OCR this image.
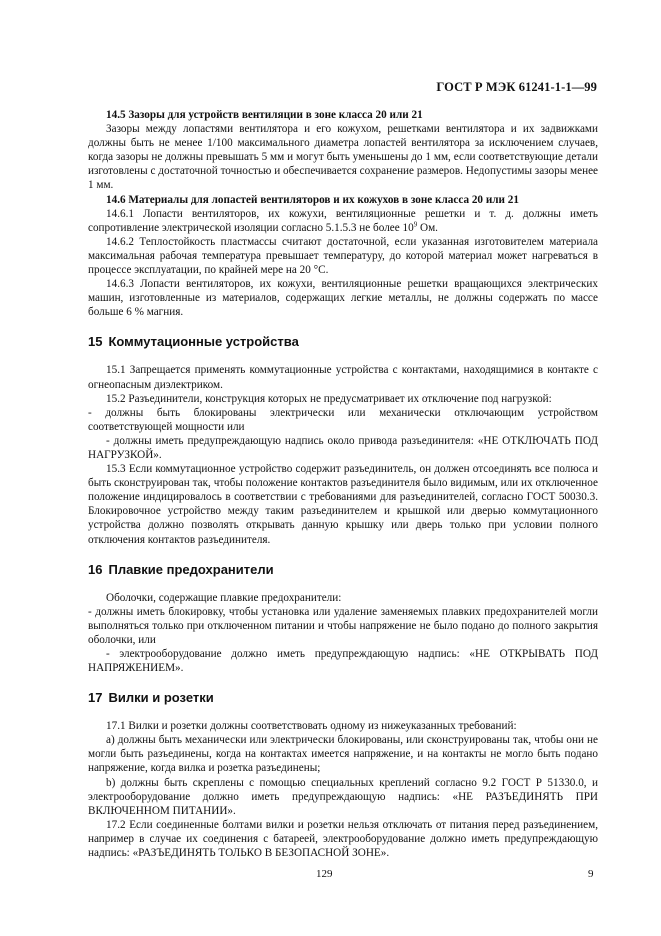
ГОСТ Р МЭК 61241-1-1—99

14.5 Зазоры для устройств вентиляции в зоне класса 20 или 21

Зазоры между лопастями вентилятора и его кожухом, решетками вентилятора и их задвижками должны быть не менее 1/100 максимального диаметра лопастей вентилятора за исключением случаев, когда зазоры не должны превышать 5 мм и могут быть уменьшены до 1 мм, если соответствующие детали изготовлены с достаточной точностью и обеспечивается сохранение размеров. Недопустимы зазоры менее 1 мм.

14.6 Материалы для лопастей вентиляторов и их кожухов в зоне класса 20 или 21

14.6.1 Лопасти вентиляторов, их кожухи, вентиляционные решетки и т. д. должны иметь сопротивление электрической изоляции согласно 5.1.5.3 не более $10^9$ Ом.

14.6.2 Теплостойкость пластмассы считают достаточной, если указанная изготовителем материала максимальная рабочая температура превышает температуру, до которой материал может нагреваться в процессе эксплуатации, по крайней мере на 20 °С.

14.6.3 Лопасти вентиляторов, их кожухи, вентиляционные решетки вращающихся электрических машин, изготовленные из материалов, содержащих легкие металлы, не должны содержать по массе больше 6 % магния.

15 Коммутационные устройства

15.1 Запрещается применять коммутационные устройства с контактами, находящимися в контакте с огнеопасным диэлектриком.

15.2 Разъединители, конструкция которых не предусматривает их отключение под нагрузкой:

- должны быть блокированы электрически или механически отключающим устройством соответствующей мощности или

- должны иметь предупреждающую надпись около привода разъединителя: «НЕ ОТКЛЮЧАТЬ ПОД НАГРУЗКОЙ».

15.3 Если коммутационное устройство содержит разъединитель, он должен отсоединять все полюса и быть сконструирован так, чтобы положение контактов разъединителя было видимым, или их отключенное положение индицировалось в соответствии с требованиями для разъединителей, согласно ГОСТ 50030.3. Блокировочное устройство между таким разъединителем и крышкой или дверью коммутационного устройства должно позволять открывать данную крышку или дверь только при условии полного отключения контактов разъединителя.

16 Плавкие предохранители

Оболочки, содержащие плавкие предохранители:

- должны иметь блокировку, чтобы установка или удаление заменяемых плавких предохранителей могли выполняться только при отключенном питании и чтобы напряжение не было подано до полного закрытия оболочки, или

- электрооборудование должно иметь предупреждающую надпись: «НЕ ОТКРЫВАТЬ ПОД НАПРЯЖЕНИЕМ».

17 Вилки и розетки

17.1 Вилки и розетки должны соответствовать одному из нижеуказанных требований:

а) должны быть механически или электрически блокированы, или сконструированы так, чтобы они не могли быть разъединены, когда на контактах имеется напряжение, и на контакты не могло быть подано напряжение, когда вилка и розетка разъединены;

b) должны быть скреплены с помощью специальных креплений согласно 9.2 ГОСТ Р 51330.0, и электрооборудование должно иметь предупреждающую надпись: «НЕ РАЗЪЕДИНЯТЬ ПРИ ВКЛЮЧЕННОМ ПИТАНИИ».

17.2 Если соединенные болтами вилки и розетки нельзя отключать от питания перед разъединением, например в случае их соединения с батареей, электрооборудование должно иметь предупреждающую надпись: «РАЗЪЕДИНЯТЬ ТОЛЬКО В БЕЗОПАСНОЙ ЗОНЕ».

129	9
